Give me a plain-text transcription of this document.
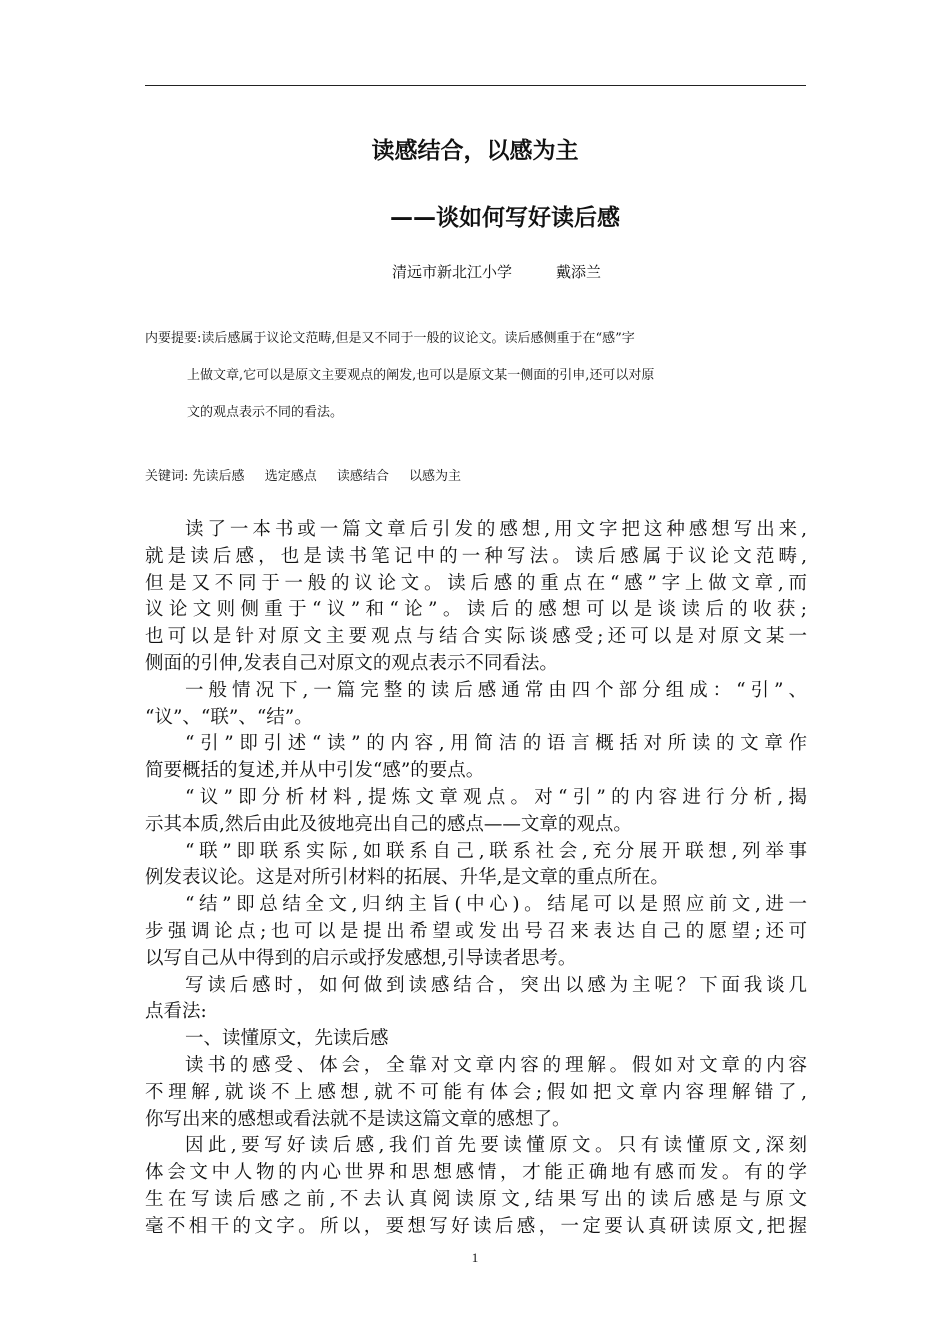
读感结合，以感为主
——谈如何写好读后感
清远市新北江小学	戴添兰
内要提要:读后感属于议论文范畴,但是又不同于一般的议论文。读后感侧重于在“感”字
上做文章,它可以是原文主要观点的阐发,也可以是原文某一侧面的引申,还可以对原
文的观点表示不同的看法。
关键词: 先读后感 选定感点 读感结合 以感为主
读了一本书或一篇文章后引发的感想,用文字把这种感想写出来,
就是读后感，也是读书笔记中的一种写法。读后感属于议论文范畴,
但是又不同于一般的议论文。读后感的重点在“感”字上做文章,而
议论文则侧重于“议”和“论”。读后的感想可以是谈读后的收获;
也可以是针对原文主要观点与结合实际谈感受;还可以是对原文某一
侧面的引伸,发表自己对原文的观点表示不同看法。
一般情况下,一篇完整的读后感通常由四个部分组成：“引”、
“议”、“联”、“结”。
“引”即引述“读”的内容,用简洁的语言概括对所读的文章作
简要概括的复述,并从中引发“感”的要点。
“议”即分析材料,提炼文章观点。对“引”的内容进行分析,揭
示其本质,然后由此及彼地亮出自己的感点——文章的观点。
“联”即联系实际,如联系自己,联系社会,充分展开联想,列举事
例发表议论。这是对所引材料的拓展、升华,是文章的重点所在。
“结”即总结全文,归纳主旨(中心)。结尾可以是照应前文,进一
步强调论点;也可以是提出希望或发出号召来表达自己的愿望;还可
以写自己从中得到的启示或抒发感想,引导读者思考。
写读后感时，如何做到读感结合，突出以感为主呢？下面我谈几
点看法:
一、读懂原文，先读后感
读书的感受、体会，全靠对文章内容的理解。假如对文章的内容
不理解,就谈不上感想,就不可能有体会;假如把文章内容理解错了,
你写出来的感想或看法就不是读这篇文章的感想了。
因此,要写好读后感,我们首先要读懂原文。只有读懂原文,深刻
体会文中人物的内心世界和思想感情，才能正确地有感而发。有的学
生在写读后感之前,不去认真阅读原文,结果写出的读后感是与原文
毫不相干的文字。所以，要想写好读后感，一定要认真研读原文,把握
1
